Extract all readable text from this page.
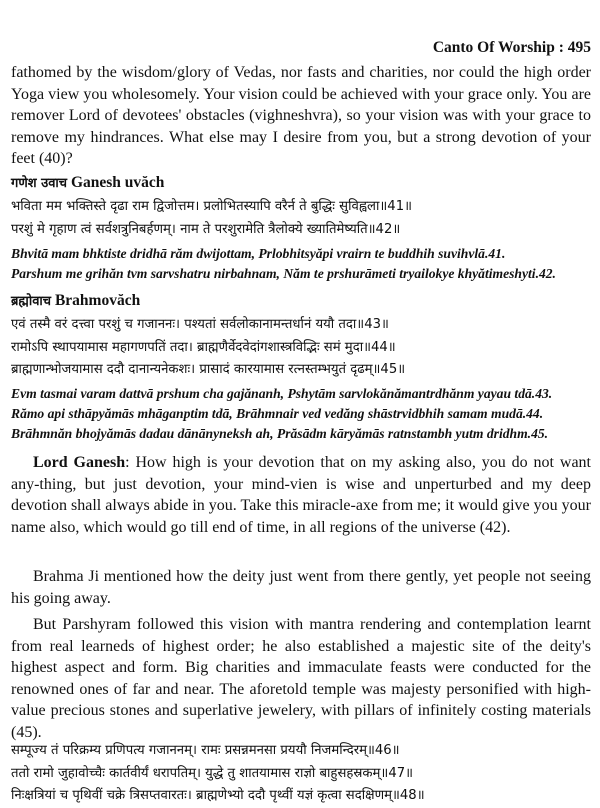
Canto Of Worship : 495

fathomed by the wisdom/glory of Vedas, nor fasts and charities, nor could the high order Yoga view you wholesomely. Your vision could be achieved with your grace only. You are remover Lord of devotees' obstacles (vighneshvra), so your vision was with your grace to remove my hindrances. What else may I desire from you, but a strong devotion of your feet (40)?

गणेश उवाच Ganesh uvăch

भविता मम भक्तिस्ते दृढा राम द्विजोत्तम। प्रलोभितस्यापि वरैर्न ते बुद्धिः सुविह्वला॥41॥

परशुं मे गृहाण त्वं सर्वशत्रुनिबर्हणम्। नाम ते परशुरामेति त्रैलोक्ये ख्यातिमेष्यति॥42॥

Bhvitā mam bhktiste dridhā răm dwijottam, Prlobhitsyăpi vrairn te buddhih suvihvlā.41.

Parshum me grihăn tvm sarvshatru nirbahnam, Năm te prshurāmeti tryailokye khyătimeshyti.42.

ब्रह्मोवाच Brahmovăch

एवं तस्मै वरं दत्त्वा परशुं च गजाननः। पश्यतां सर्वलोकानामन्तर्धानं ययौ तदा॥43॥

रामोऽपि स्थापयामास महागणपतिं तदा। ब्राह्मणैर्वेदवेदांगशास्त्रविद्भिः समं मुदा॥44॥

ब्राह्मणान्भोजयामास ददौ दानान्यनेकशः। प्रासादं कारयामास रत्नस्तम्भयुतं दृढम्॥45॥

Evm tasmai varam dattvā prshum cha gajănanh, Pshytām sarvlokănămantrdhănm yayau tdā.43.

Rămo api sthāpyămās mhāganptim tdā, Brāhmnair ved vedăng shāstrvidbhih samam mudā.44.

Brāhmnăn bhojyămās dadau dānānyneksh ah, Prăsādm kāryămās ratnstambh yutm dridhm.45.

Lord Ganesh: How high is your devotion that on my asking also, you do not want any-thing, but just devotion, your mind-vien is wise and unperturbed and my deep devotion shall always abide in you. Take this miracle-axe from me; it would give you your name also, which would go till end of time, in all regions of the universe (42).

Brahma Ji mentioned how the deity just went from there gently, yet people not seeing his going away.

But Parshyram followed this vision with mantra rendering and contemplation learnt from real learneds of highest order; he also established a majestic site of the deity's highest aspect and form. Big charities and immaculate feasts were conducted for the renowned ones of far and near. The aforetold temple was majesty personified with high-value precious stones and superlative jewelery, with pillars of infinitely costing materials (45).

सम्पूज्य तं परिक्रम्य प्रणिपत्य गजाननम्। रामः प्रसन्नमनसा प्रययौ निजमन्दिरम्॥46॥

ततो रामो जुहावोच्चैः कार्तवीर्यं धरापतिम्। युद्धे तु शातयामास राज्ञो बाहुसहस्रकम्॥47॥

निःक्षत्रियां च पृथिवीं चक्रे त्रिसप्तवारतः। ब्राह्मणेभ्यो ददौ पृथ्वीं यज्ञं कृत्वा सदक्षिणम्॥48॥
